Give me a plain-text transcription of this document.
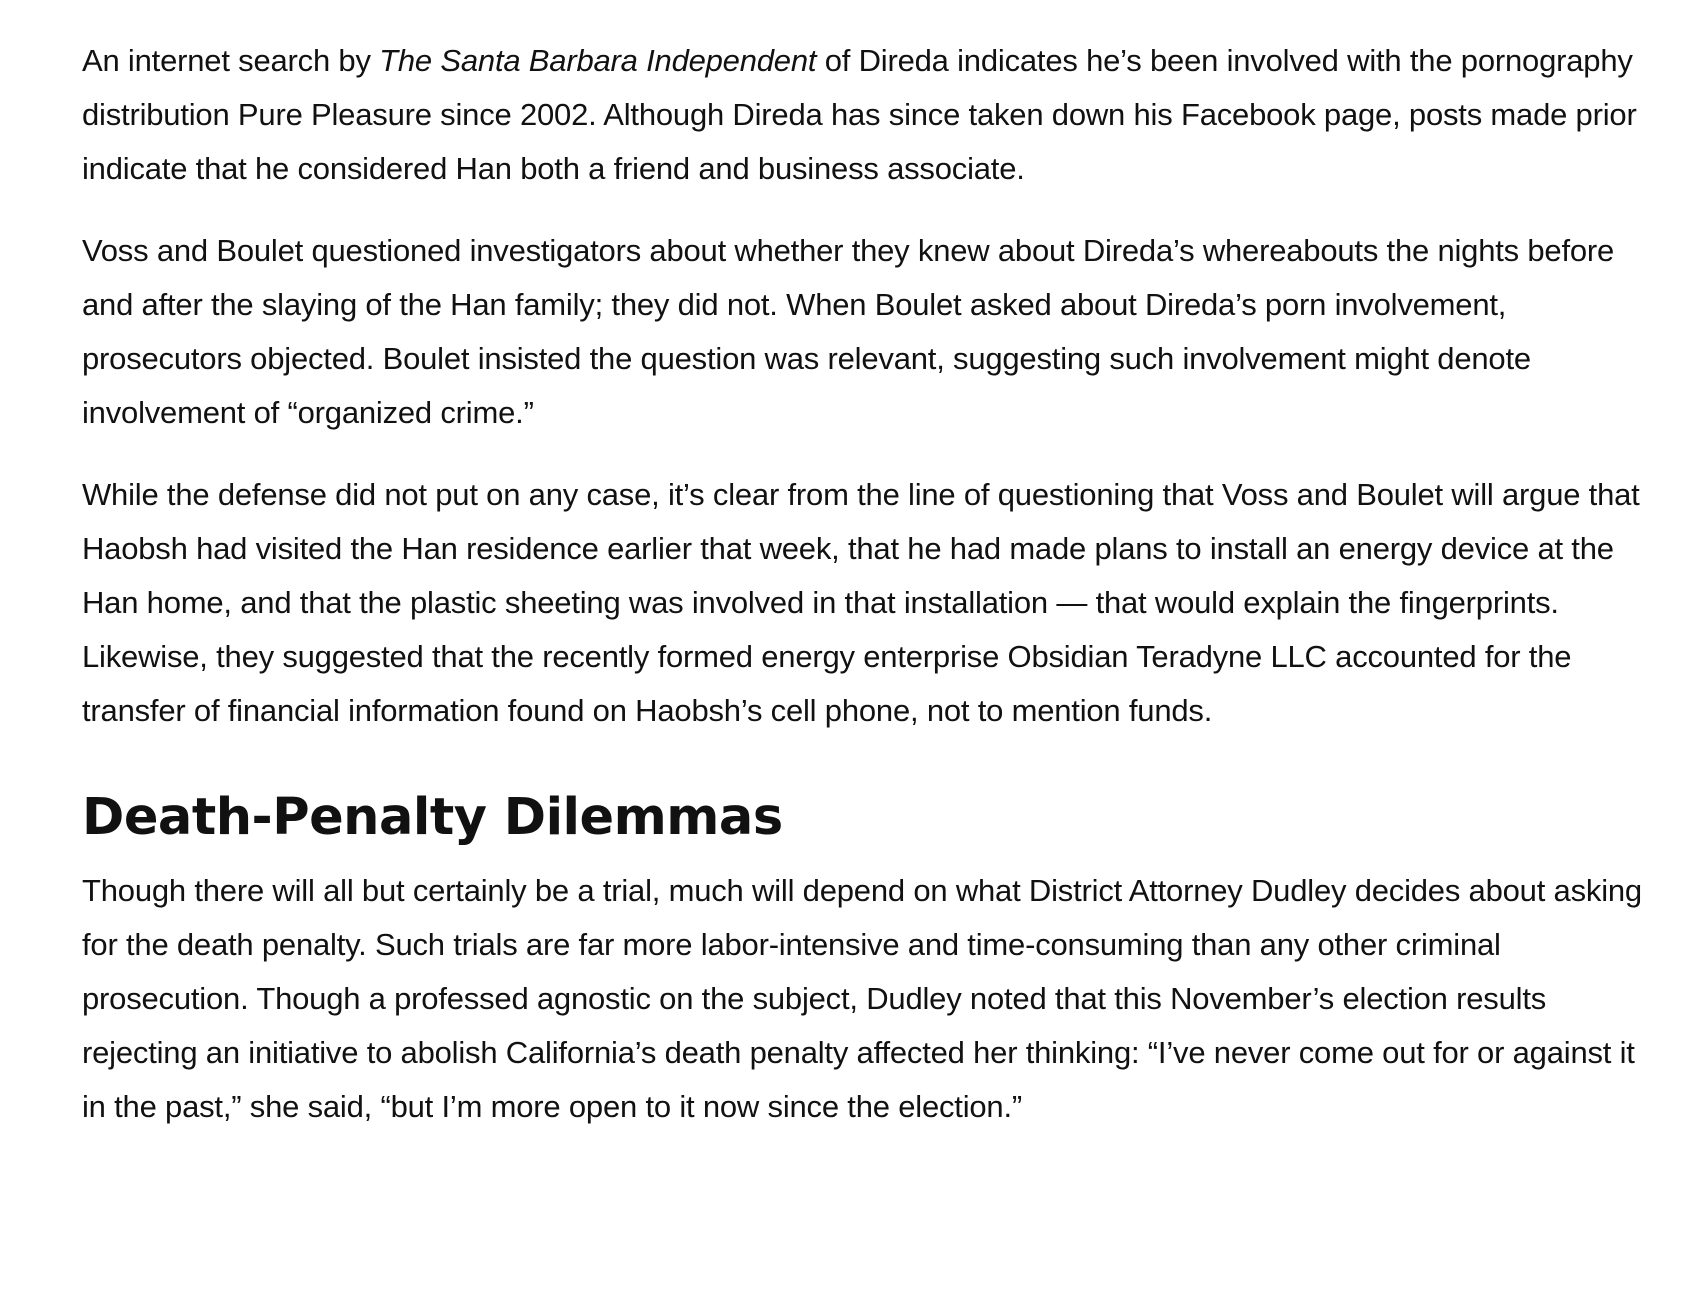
An internet search by The Santa Barbara Independent of Direda indicates he’s been involved with the pornography distribution Pure Pleasure since 2002. Although Direda has since taken down his Facebook page, posts made prior indicate that he considered Han both a friend and business associate.

Voss and Boulet questioned investigators about whether they knew about Direda’s whereabouts the nights before and after the slaying of the Han family; they did not. When Boulet asked about Direda’s porn involvement, prosecutors objected. Boulet insisted the question was relevant, suggesting such involvement might denote involvement of “organized crime.”

While the defense did not put on any case, it’s clear from the line of questioning that Voss and Boulet will argue that Haobsh had visited the Han residence earlier that week, that he had made plans to install an energy device at the Han home, and that the plastic sheeting was involved in that installation — that would explain the fingerprints. Likewise, they suggested that the recently formed energy enterprise Obsidian Teradyne LLC accounted for the transfer of financial information found on Haobsh’s cell phone, not to mention funds.

Death-Penalty Dilemmas

Though there will all but certainly be a trial, much will depend on what District Attorney Dudley decides about asking for the death penalty. Such trials are far more labor-intensive and time-consuming than any other criminal prosecution. Though a professed agnostic on the subject, Dudley noted that this November’s election results rejecting an initiative to abolish California’s death penalty affected her thinking: “I’ve never come out for or against it in the past,” she said, “but I’m more open to it now since the election.”
